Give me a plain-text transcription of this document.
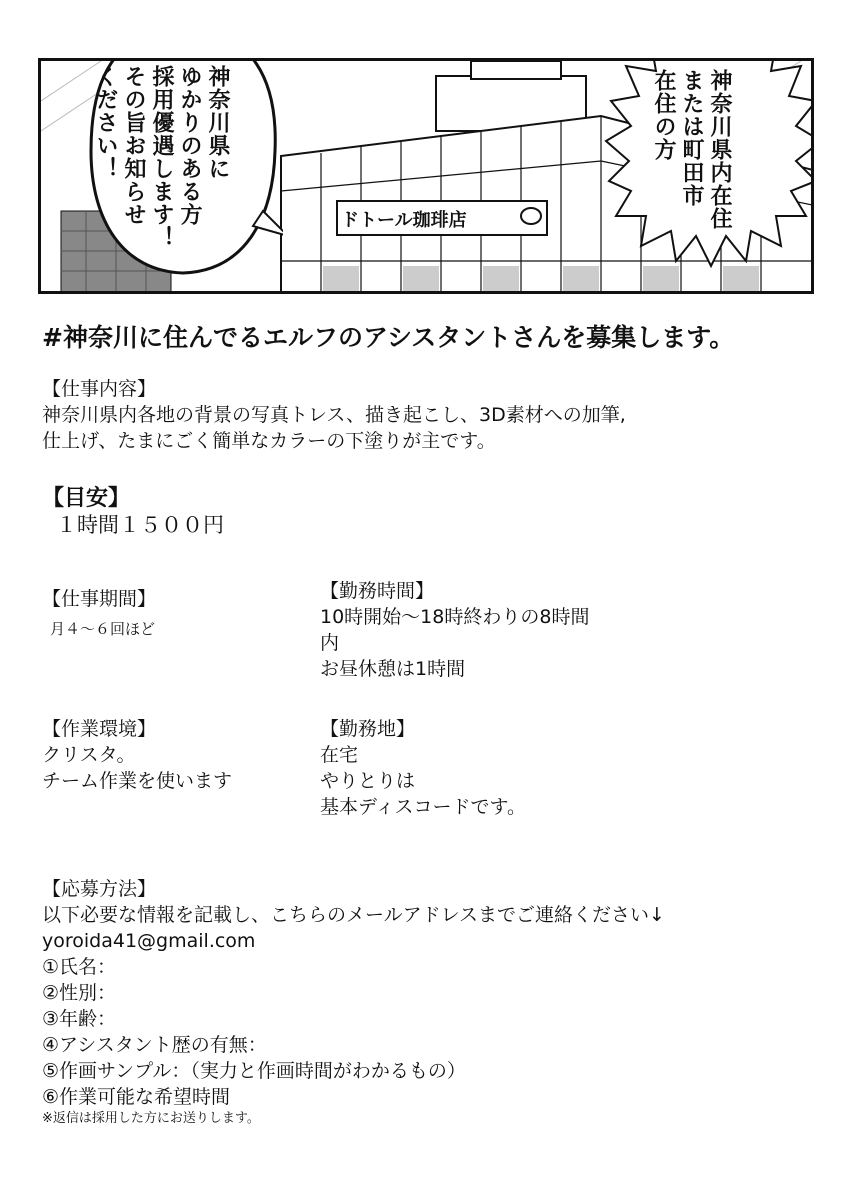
ドトール珈琲店
神奈川県に
ゆかりのある方
採用優遇します！
その旨お知らせ
ください！	神奈川県内在住
または町田市
在住の方
#神奈川に住んでるエルフのアシスタントさんを募集します。
【仕事内容】
神奈川県内各地の背景の写真トレス、描き起こし、3D素材への加筆,
仕上げ、たまにごく簡単なカラーの下塗りが主です。
【目安】
１時間１５００円
【仕事期間】
月４～６回ほど
【勤務時間】
10時開始～18時終わりの8時間
内
お昼休憩は1時間
【作業環境】
クリスタ。
チーム作業を使います
【勤務地】
在宅
やりとりは
基本ディスコードです。
【応募方法】
以下必要な情報を記載し、こちらのメールアドレスまでご連絡ください↓
yoroida41@gmail.com
①氏名：
②性別：
③年齢：
④アシスタント歴の有無：
⑤作画サンプル：（実力と作画時間がわかるもの）
⑥作業可能な希望時間
※返信は採用した方にお送りします。
